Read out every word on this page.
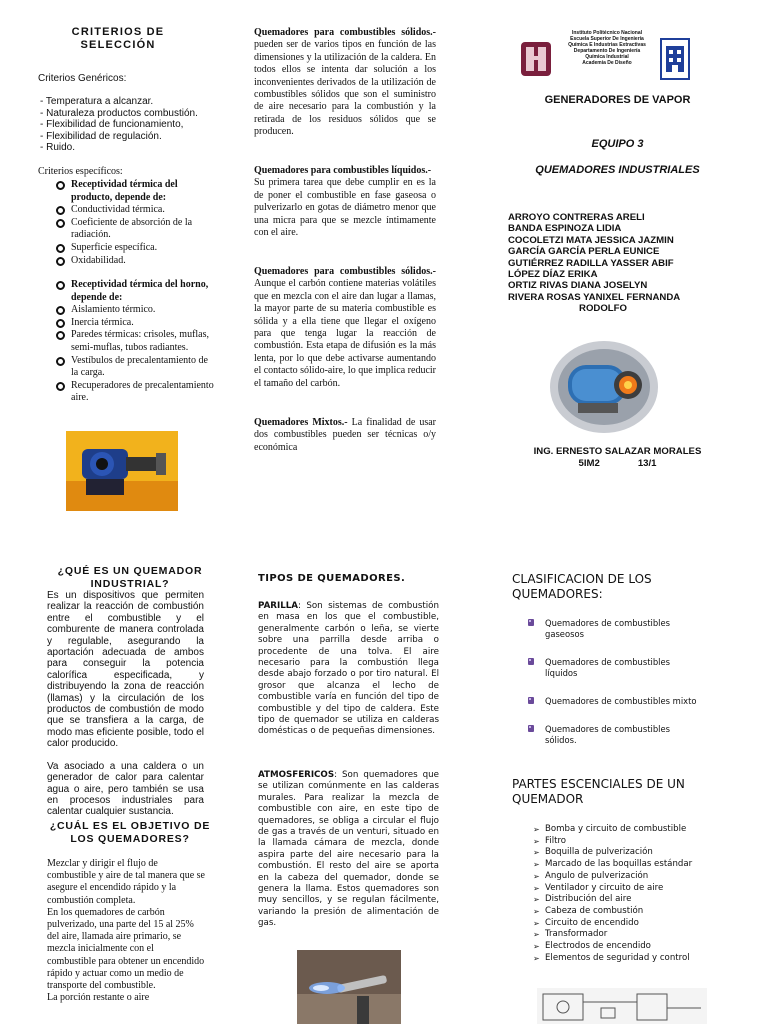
CRITERIOS DE SELECCIÓN
Criterios Genéricos:
- Temperatura a alcanzar.
- Naturaleza productos combustión.
- Flexibilidad de funcionamiento,
- Flexibilidad de regulación.
- Ruido.
Criterios específicos:
Receptividad térmica del producto, depende de:
Conductividad térmica.
Coeficiente de absorción de la radiación.
Superficie específica.
Oxidabilidad.
Receptividad térmica del horno, depende de:
Aislamiento térmico.
Inercia térmica.
Paredes térmicas: crisoles, muflas, semi-muflas, tubos radiantes.
Vestíbulos de precalentamiento de la carga.
Recuperadores de precalentamiento aire.

Quemadores para combustibles sólidos.- pueden ser de varios tipos en función de las dimensiones y la utilización de la caldera. En todos ellos se intenta dar solución a los inconvenientes derivados de la utilización de combustibles sólidos que son el suministro de aire necesario para la combustión y la retirada de los residuos sólidos que se producen.

Quemadores para combustibles líquidos.-
Su primera tarea que debe cumplir en es la de poner el combustible en fase gaseosa o pulverizarlo en gotas de diámetro menor que una micra para que se mezcle íntimamente con el aire.

Quemadores para combustibles sólidos.- Aunque el carbón contiene materias volátiles que en mezcla con el aire dan lugar a llamas, la mayor parte de su materia combustible es sólida y a ella tiene que llegar el oxígeno para que tenga lugar la reacción de combustión. Esta etapa de difusión es la más lenta, por lo que debe activarse aumentando el contacto sólido-aire, lo que implica reducir el tamaño del carbón.

Quemadores Mixtos.- La finalidad de usar dos combustibles pueden ser técnicas o/y económica

Instituto Politécnico Nacional
Escuela Superior De Ingeniería
Química E Industrias Extractivas
Departamento De Ingeniería
Química Industrial
Academia De Diseño
GENERADORES DE VAPOR
EQUIPO 3
QUEMADORES INDUSTRIALES
ARROYO CONTRERAS ARELI
BANDA ESPINOZA LIDIA
COCOLETZI MATA JESSICA JAZMIN
GARCÍA GARCÍA PERLA EUNICE
GUTIÉRREZ RADILLA YASSER ABIF
LÓPEZ DÍAZ ERIKA
ORTIZ RIVAS DIANA JOSELYN
RIVERA ROSAS YANIXEL FERNANDA
RODOLFO
ING. ERNESTO SALAZAR MORALES
5IM2	13/1
¿QUÉ ES UN QUEMADOR INDUSTRIAL?

Es un dispositivos que permiten realizar la reacción de combustión entre el combustible y el comburente de manera controlada y regulable, asegurando la aportación adecuada de ambos para conseguir la potencia calorífica especificada, y distribuyendo la zona de reacción (llamas) y la circulación de los productos de combustión de modo que se transfiera a la carga, de modo mas eficiente posible, todo el calor producido.

Va asociado a una caldera o un generador de calor para calentar agua o aire, pero también se usa en procesos industriales para calentar cualquier sustancia.

¿CUÁL ES EL OBJETIVO DE LOS QUEMADORES?

Mezclar y dirigir el flujo de combustible y aire de tal manera que se asegure el encendido rápido y la combustión completa.

En los quemadores de carbón pulverizado, una parte del 15 al 25% del aire, llamada aire primario, se mezcla inicialmente con el combustible para obtener un encendido rápido y actuar como un medio de transporte del combustible.

La porción restante o aire

TIPOS DE QUEMADORES.

PARILLA: Son sistemas de combustión en masa en los que el combustible, generalmente carbón o leña, se vierte sobre una parrilla desde arriba o procedente de una tolva. El aire necesario para la combustión llega desde abajo forzado o por tiro natural. El grosor que alcanza el lecho de combustible varía en función del tipo de combustible y del tipo de caldera. Este tipo de quemador se utiliza en calderas domésticas o de pequeñas dimensiones.

ATMOSFERICOS: Son quemadores que se utilizan comúnmente en las calderas murales. Para realizar la mezcla de combustible con aire, en este tipo de quemadores, se obliga a circular el flujo de gas a través de un venturi, situado en la llamada cámara de mezcla, donde aspira parte del aire necesario para la combustión. El resto del aire se aporta en la cabeza del quemador, donde se genera la llama. Estos quemadores son muy sencillos, y se regulan fácilmente, variando la presión de alimentación de gas.

CLASIFICACION DE LOS QUEMADORES:
Quemadores de combustibles gaseosos
Quemadores de combustibles líquidos
Quemadores de combustibles mixto
Quemadores de combustibles sólidos.
PARTES ESCENCIALES DE UN QUEMADOR
➢ Bomba y circuito de combustible
➢ Filtro
➢ Boquilla de pulverización
➢ Marcado de las boquillas estándar
➢ Angulo de pulverización
➢ Ventilador y circuito de aire
➢ Distribución del aire
➢ Cabeza de combustión
➢ Circuito de encendido
➢ Transformador
➢ Electrodos de encendido
➢ Elementos de seguridad y control
